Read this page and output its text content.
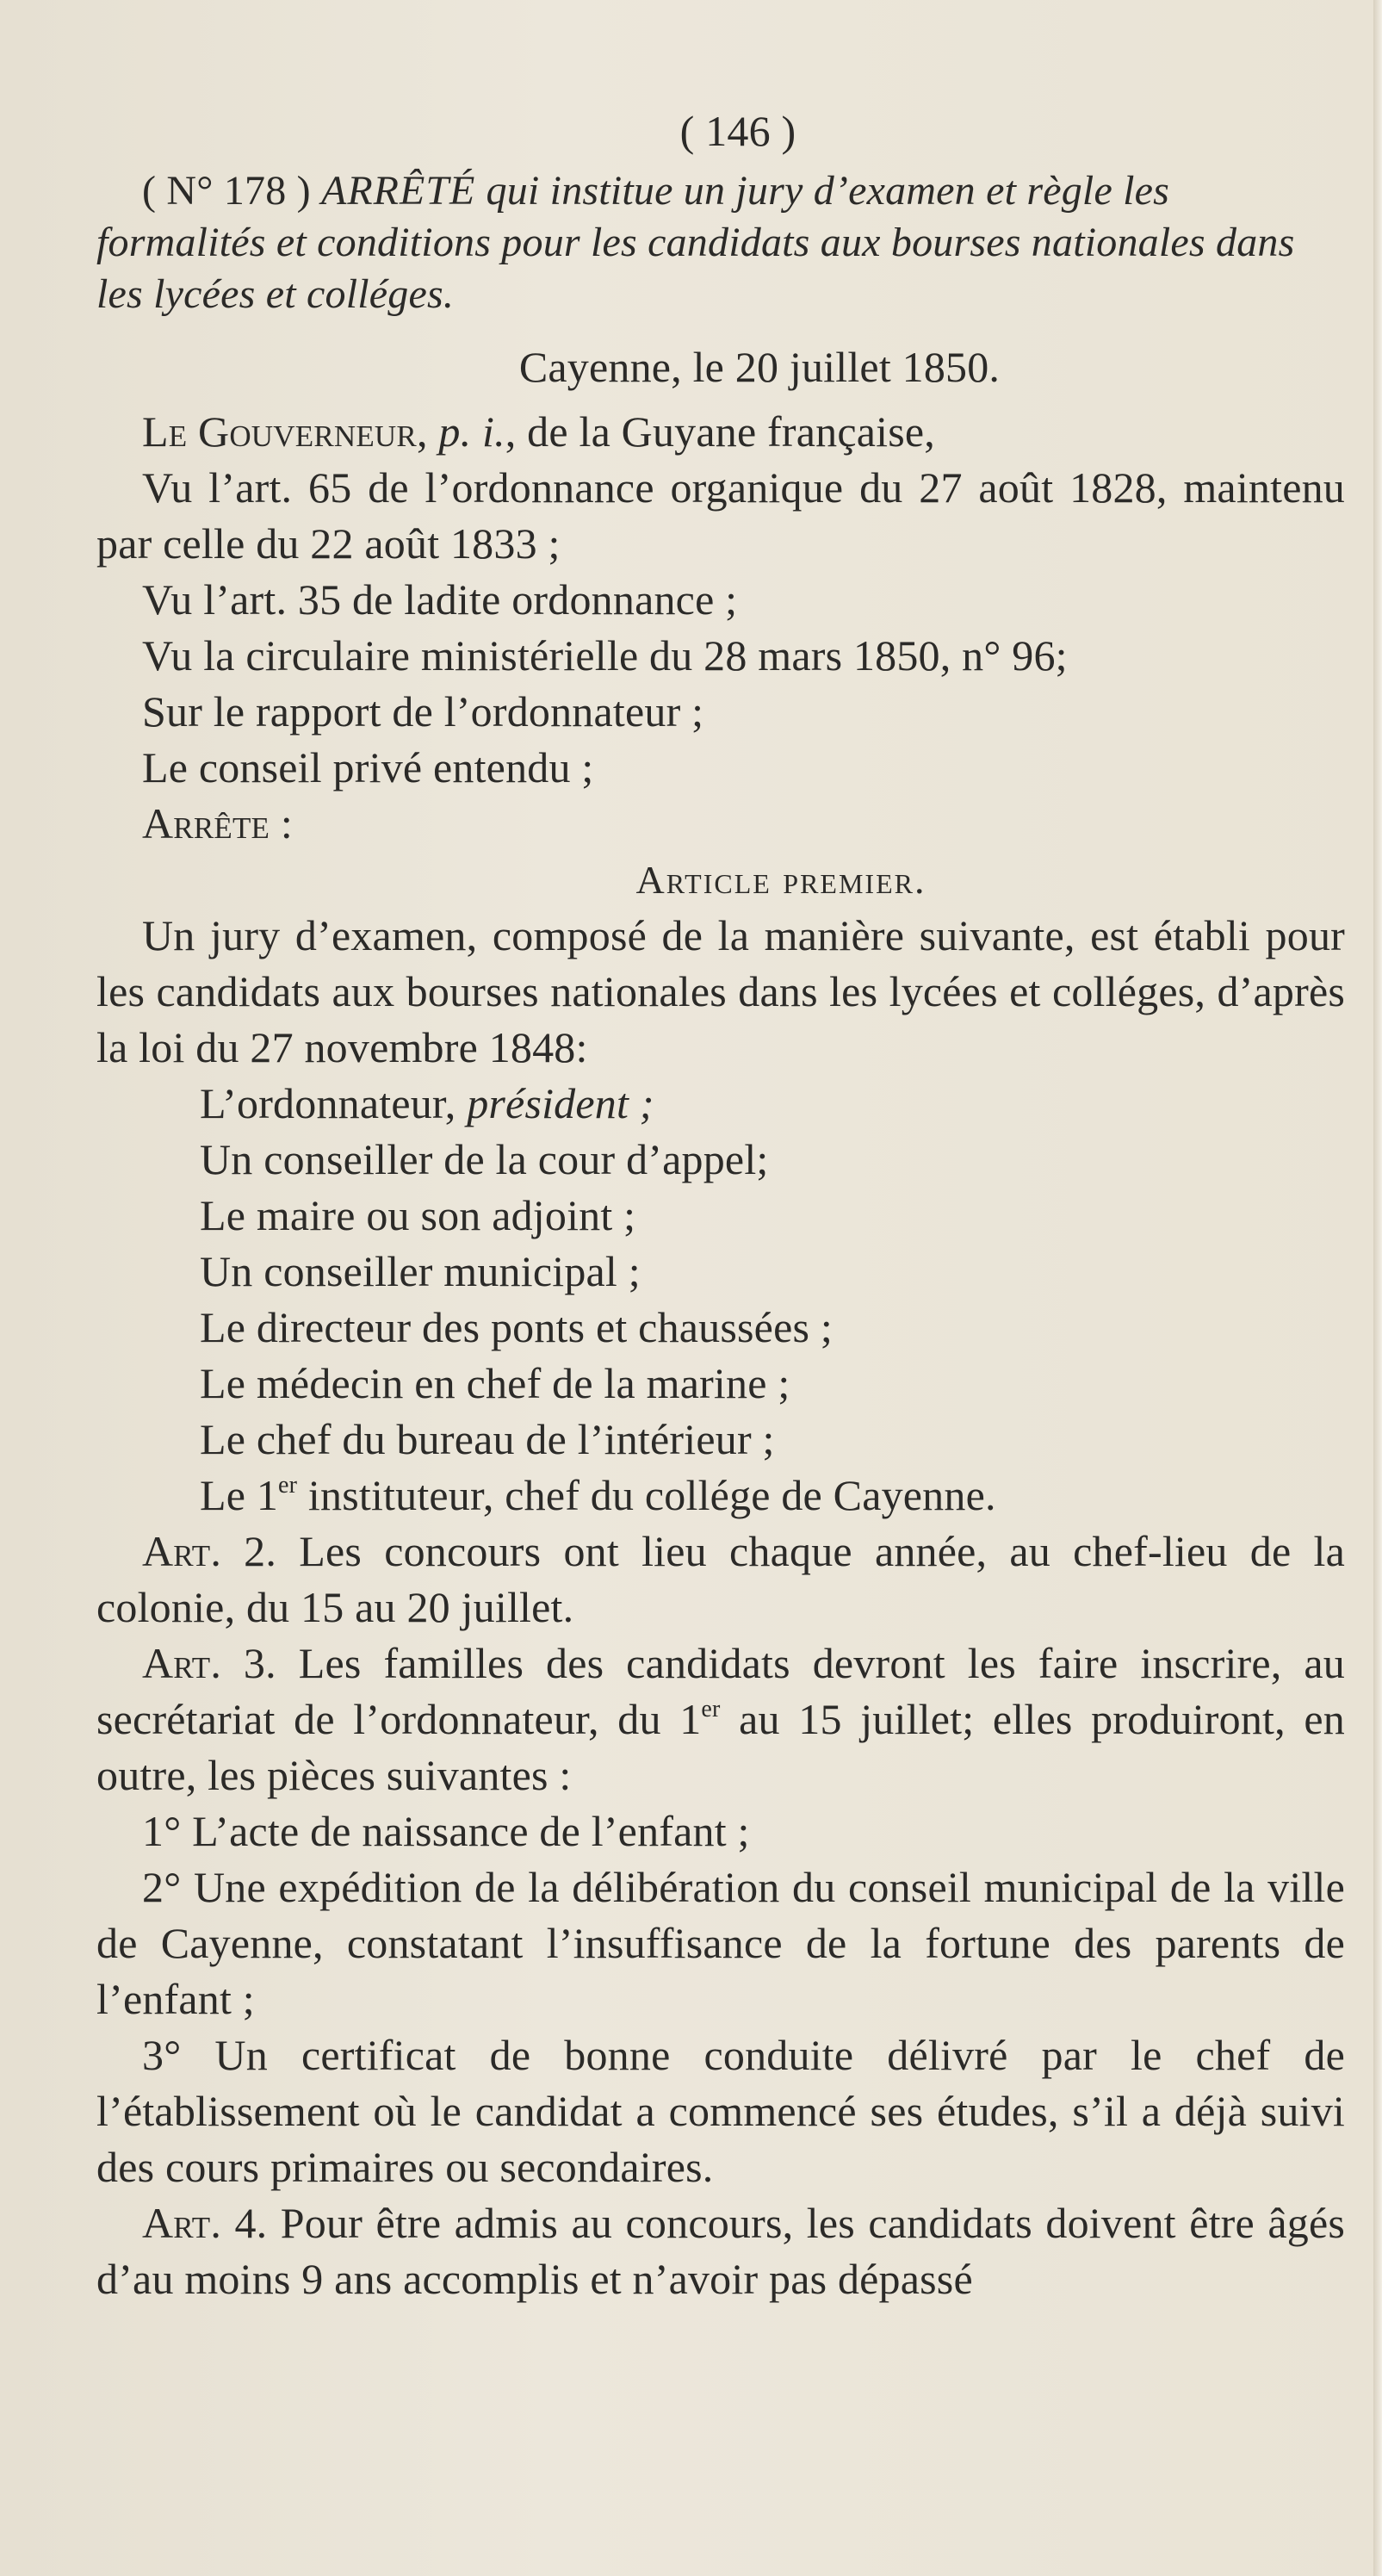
( 146 )

( N° 178 ) ARRÊTÉ qui institue un jury d’examen et règle les formalités et conditions pour les candidats aux bourses nationales dans les lycées et colléges.

Cayenne, le 20 juillet 1850.

Le Gouverneur, p. i., de la Guyane française,

Vu l’art. 65 de l’ordonnance organique du 27 août 1828, maintenu par celle du 22 août 1833 ;

Vu l’art. 35 de ladite ordonnance ;

Vu la circulaire ministérielle du 28 mars 1850, n° 96;

Sur le rapport de l’ordonnateur ;

Le conseil privé entendu ;

Arrête :

Article premier.

Un jury d’examen, composé de la manière suivante, est établi pour les candidats aux bourses nationales dans les lycées et colléges, d’après la loi du 27 novembre 1848:

L’ordonnateur, président ;

Un conseiller de la cour d’appel;

Le maire ou son adjoint ;

Un conseiller municipal ;

Le directeur des ponts et chaussées ;

Le médecin en chef de la marine ;

Le chef du bureau de l’intérieur ;

Le 1er instituteur, chef du collége de Cayenne.

Art. 2. Les concours ont lieu chaque année, au chef-lieu de la colonie, du 15 au 20 juillet.

Art. 3. Les familles des candidats devront les faire inscrire, au secrétariat de l’ordonnateur, du 1er au 15 juillet; elles produiront, en outre, les pièces suivantes :

1° L’acte de naissance de l’enfant ;

2° Une expédition de la délibération du conseil municipal de la ville de Cayenne, constatant l’insuffisance de la fortune des parents de l’enfant ;

3° Un certificat de bonne conduite délivré par le chef de l’établissement où le candidat a commencé ses études, s’il a déjà suivi des cours primaires ou secondaires.

Art. 4. Pour être admis au concours, les candidats doivent être âgés d’au moins 9 ans accomplis et n’avoir pas dépassé
